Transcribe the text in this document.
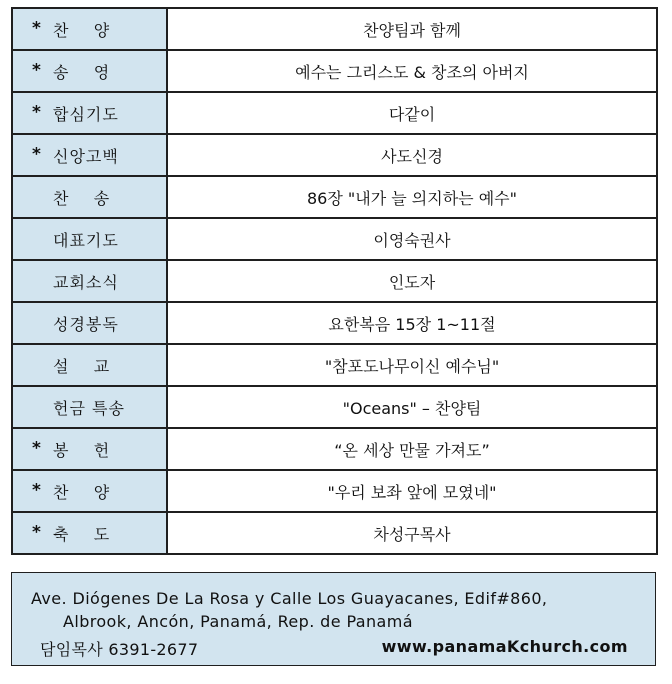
* 찬    양	찬양팀과 함께

* 송    영	예수는 그리스도 & 창조의 아버지

* 합심기도	다같이

* 신앙고백	사도신경

찬    송	86장 "내가 늘 의지하는 예수"

대표기도	이영숙권사

교회소식	인도자

성경봉독	요한복음 15장 1~11절

설    교	"참포도나무이신 예수님"

헌금 특송	"Oceans" – 찬양팀

* 봉    헌	“온 세상 만물 가져도”

* 찬    양	"우리 보좌 앞에 모였네"

* 축    도	차성구목사
Ave. Diógenes De La Rosa y Calle Los Guayacanes, Edif#860,
Albrook, Ancón, Panamá, Rep. de Panamá
담임목사 6391-2677	www.panamaKchurch.com
